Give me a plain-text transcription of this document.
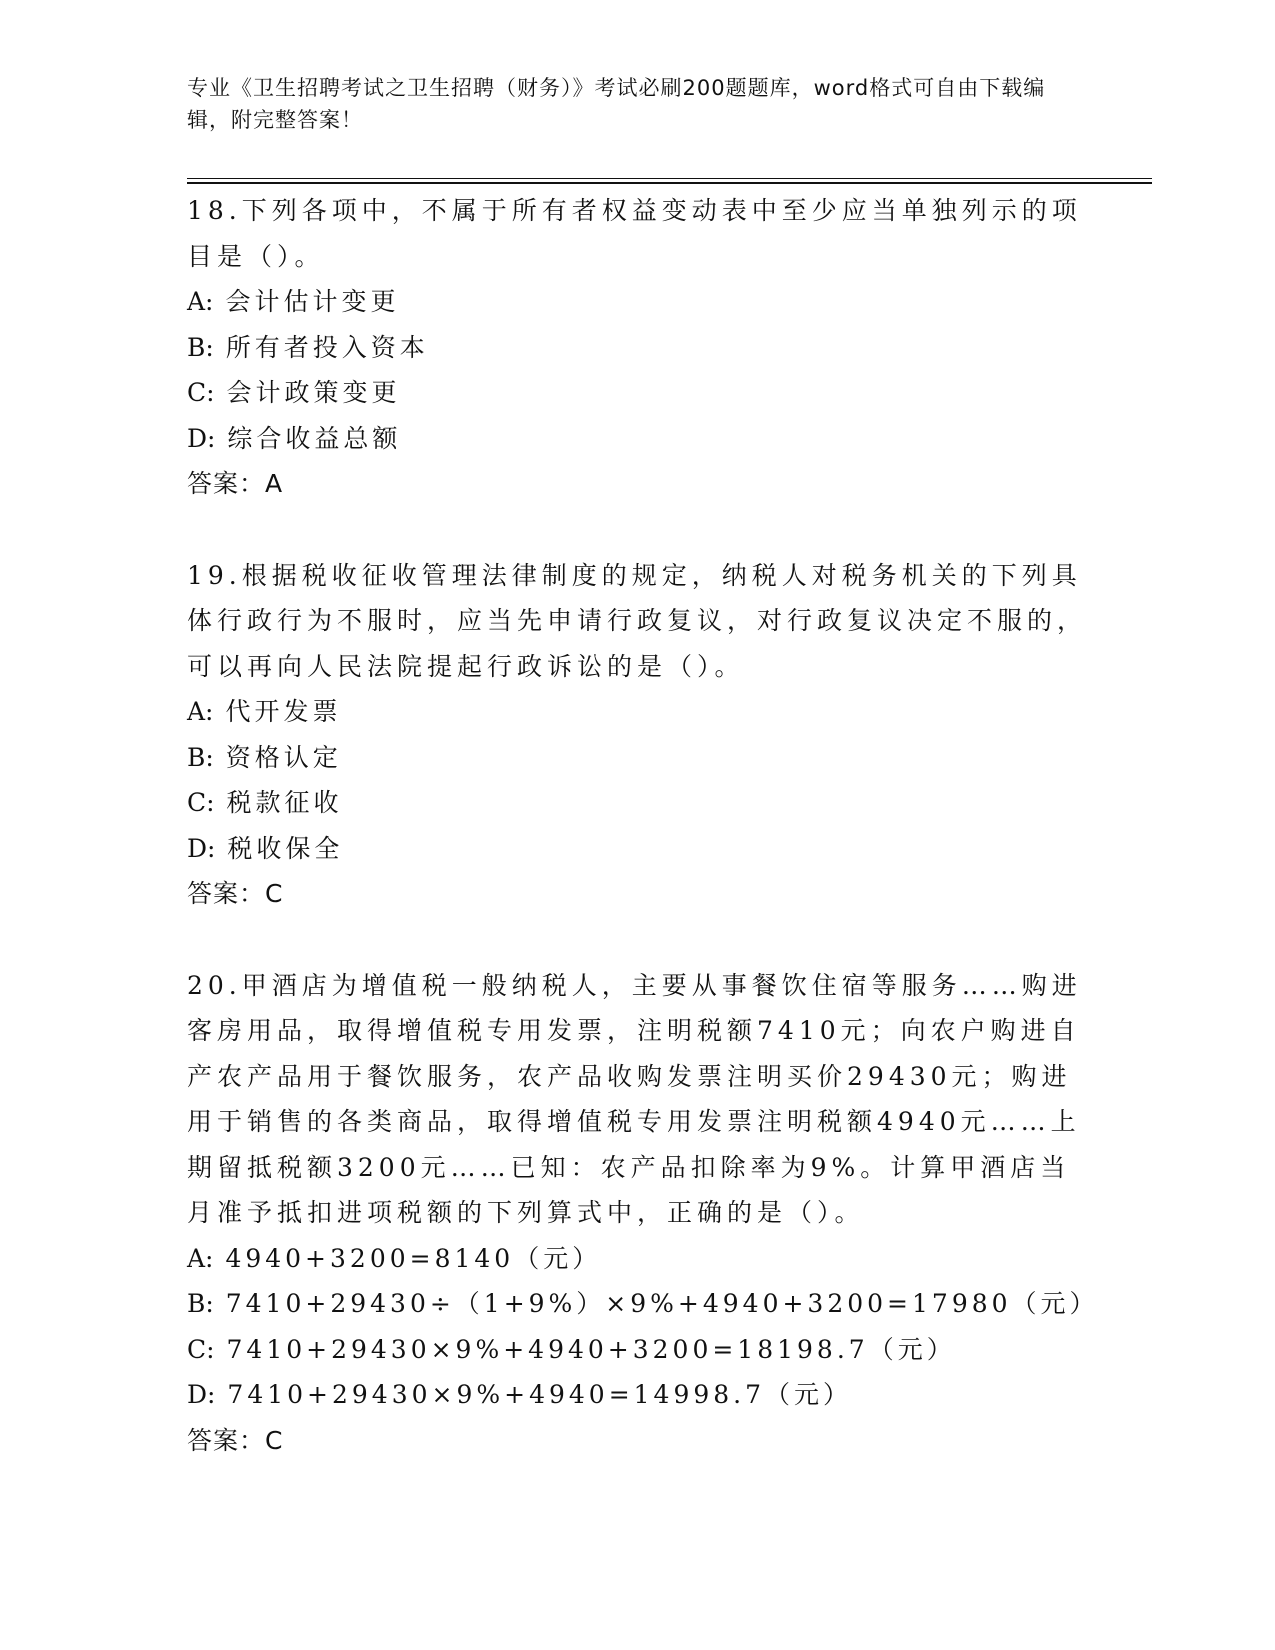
专业《卫生招聘考试之卫生招聘（财务）》考试必刷200题题库，word格式可自由下载编辑，附完整答案！

18.下列各项中，不属于所有者权益变动表中至少应当单独列示的项目是（）。

A: 会计估计变更

B: 所有者投入资本

C: 会计政策变更

D: 综合收益总额

答案：A

19.根据税收征收管理法律制度的规定，纳税人对税务机关的下列具体行政行为不服时，应当先申请行政复议，对行政复议决定不服的，可以再向人民法院提起行政诉讼的是（）。

A: 代开发票

B: 资格认定

C: 税款征收

D: 税收保全

答案：C

20.甲酒店为增值税一般纳税人，主要从事餐饮住宿等服务……购进客房用品，取得增值税专用发票，注明税额7410元；向农户购进自产农产品用于餐饮服务，农产品收购发票注明买价29430元；购进用于销售的各类商品，取得增值税专用发票注明税额4940元……上期留抵税额3200元……已知：农产品扣除率为9%。计算甲酒店当月准予抵扣进项税额的下列算式中，正确的是（）。

A: 4940+3200=8140（元）

B: 7410+29430÷（1+9%）×9%+4940+3200=17980（元）

C: 7410+29430×9%+4940+3200=18198.7（元）

D: 7410+29430×9%+4940=14998.7（元）

答案：C
